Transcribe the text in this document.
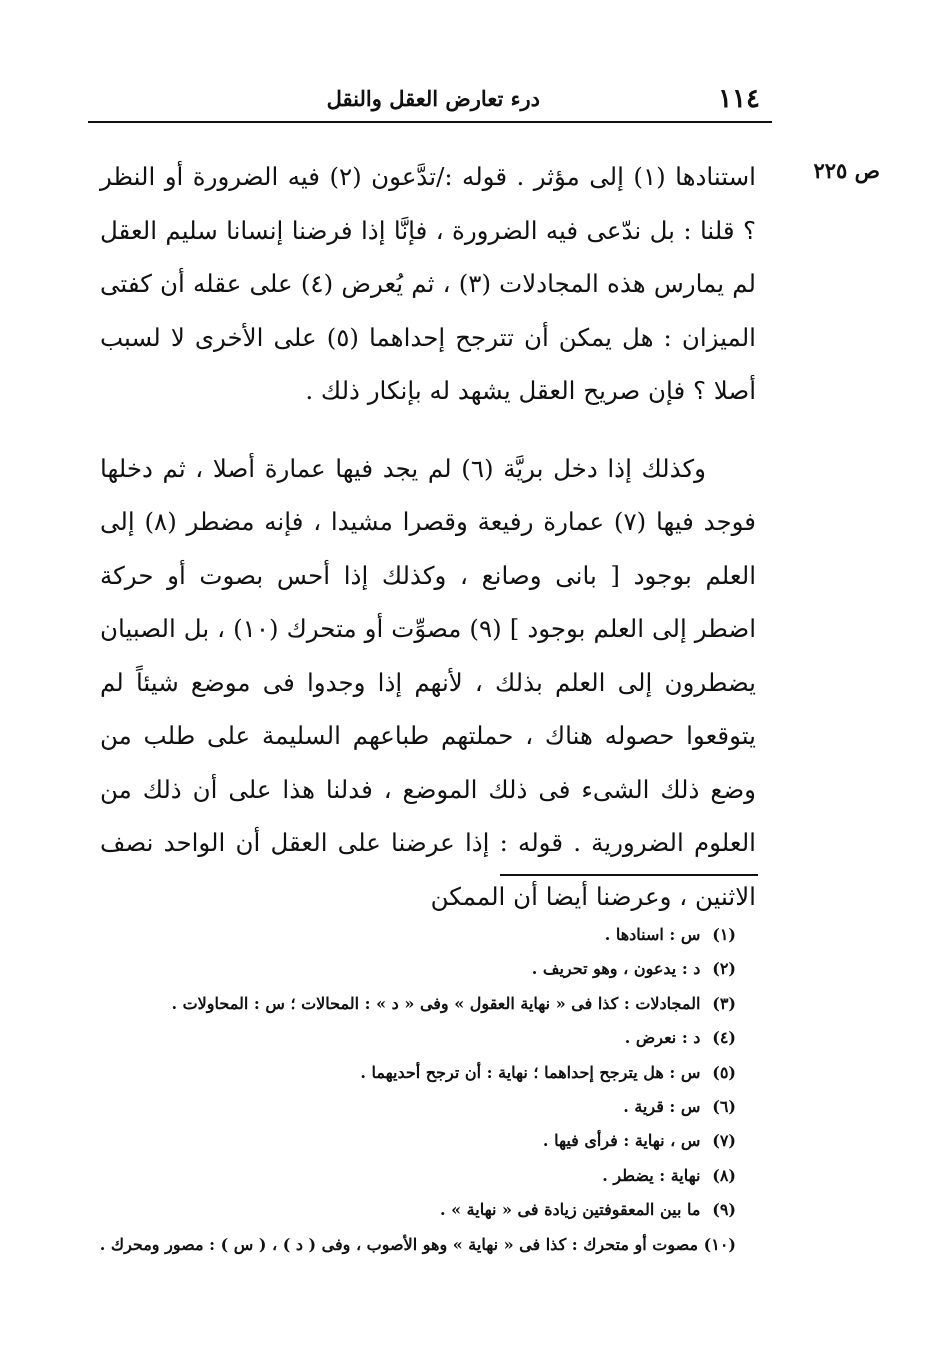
١١٤
درء تعارض العقل والنقل
ص ٢٢٥

استنادها (١) إلى مؤثر . قوله :/تدَّعون (٢) فيه الضرورة أو النظر ؟ قلنا : بل ندّعى فيه الضرورة ، فإنَّا إذا فرضنا إنسانا سليم العقل لم يمارس هذه المجادلات (٣) ، ثم يُعرض (٤) على عقله أن كفتى الميزان : هل يمكن أن تترجح إحداهما (٥) على الأخرى لا لسبب أصلا ؟ فإن صريح العقل يشهد له بإنكار ذلك .

وكذلك إذا دخل بريَّة (٦) لم يجد فيها عمارة أصلا ، ثم دخلها فوجد فيها (٧) عمارة رفيعة وقصرا مشيدا ، فإنه مضطر (٨) إلى العلم بوجود [ بانى وصانع ، وكذلك إذا أحس بصوت أو حركة اضطر إلى العلم بوجود ] (٩) مصوِّت أو متحرك (١٠) ، بل الصبيان يضطرون إلى العلم بذلك ، لأنهم إذا وجدوا فى موضع شيئاً لم يتوقعوا حصوله هناك ، حملتهم طباعهم السليمة على طلب من وضع ذلك الشىء فى ذلك الموضع ، فدلنا هذا على أن ذلك من العلوم الضرورية . قوله : إذا عرضنا على العقل أن الواحد نصف الاثنين ، وعرضنا أيضا أن الممكن

(١) س : اسنادها .
(٢) د : يدعون ، وهو تحريف .
(٣) المجادلات : كذا فى « نهاية العقول » وفى « د » : المحالات ؛ س : المحاولات .
(٤) د : نعرض .
(٥) س : هل يترجح إحداهما ؛ نهاية : أن ترجح أحديهما .
(٦) س : قرية .
(٧) س ، نهاية : فرأى فيها .
(٨) نهاية : يضطر .
(٩) ما بين المعقوفتين زيادة فى « نهاية » .
(١٠) مصوت أو متحرك : كذا فى « نهاية » وهو الأصوب ، وفى ( د ) ، ( س ) : مصور ومحرك .
